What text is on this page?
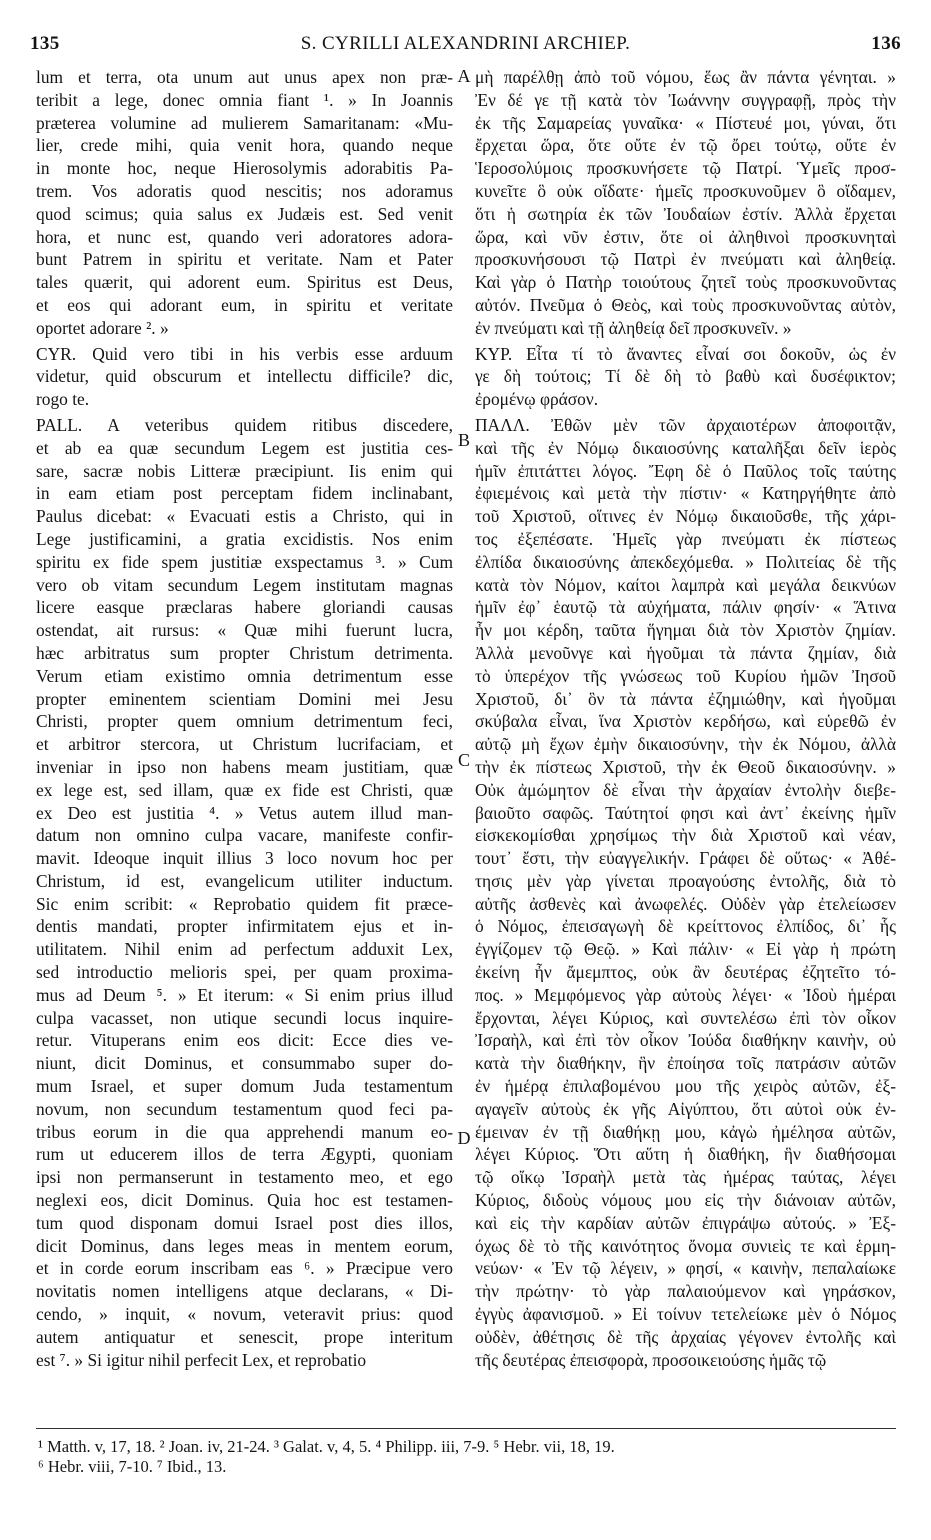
135	S. CYRILLI ALEXANDRINI ARCHIEP.	136
lum et terra, ota unum aut unus apex non præ-
teribit a lege, donec omnia fiant ¹. » In Joannis
præterea volumine ad mulierem Samaritanam: «Mu-
lier, crede mihi, quia venit hora, quando neque
in monte hoc, neque Hierosolymis adorabitis Pa-
trem. Vos adoratis quod nescitis; nos adoramus
quod scimus; quia salus ex Judæis est. Sed venit
hora, et nunc est, quando veri adoratores adora-
bunt Patrem in spiritu et veritate. Nam et Pater
tales quærit, qui adorent eum. Spiritus est Deus,
et eos qui adorant eum, in spiritu et veritate
oportet adorare ². »
CYR. Quid vero tibi in his verbis esse arduum
videtur, quid obscurum et intellectu difficile? dic,
rogo te.
PALL. A veteribus quidem ritibus discedere,
et ab ea quæ secundum Legem est justitia ces-
sare, sacræ nobis Litteræ præcipiunt. Iis enim qui
in eam etiam post perceptam fidem inclinabant,
Paulus dicebat: « Evacuati estis a Christo, qui in
Lege justificamini, a gratia excidistis. Nos enim
spiritu ex fide spem justitiæ exspectamus ³. » Cum
vero ob vitam secundum Legem institutam magnas
licere easque præclaras habere gloriandi causas
ostendat, ait rursus: « Quæ mihi fuerunt lucra,
hæc arbitratus sum propter Christum detrimenta.
Verum etiam existimo omnia detrimentum esse
propter eminentem scientiam Domini mei Jesu
Christi, propter quem omnium detrimentum feci,
et arbitror stercora, ut Christum lucrifaciam, et
inveniar in ipso non habens meam justitiam, quæ
ex lege est, sed illam, quæ ex fide est Christi, quæ
ex Deo est justitia ⁴. » Vetus autem illud man-
datum non omnino culpa vacare, manifeste confir-
mavit. Ideoque inquit illius 3 loco novum hoc per
Christum, id est, evangelicum utiliter inductum.
Sic enim scribit: « Reprobatio quidem fit præce-
dentis mandati, propter infirmitatem ejus et in-
utilitatem. Nihil enim ad perfectum adduxit Lex,
sed introductio melioris spei, per quam proxima-
mus ad Deum ⁵. » Et iterum: « Si enim prius illud
culpa vacasset, non utique secundi locus inquire-
retur. Vituperans enim eos dicit: Ecce dies ve-
niunt, dicit Dominus, et consummabo super do-
mum Israel, et super domum Juda testamentum
novum, non secundum testamentum quod feci pa-
tribus eorum in die qua apprehendi manum eo-
rum ut educerem illos de terra Ægypti, quoniam
ipsi non permanserunt in testamento meo, et ego
neglexi eos, dicit Dominus. Quia hoc est testamen-
tum quod disponam domui Israel post dies illos,
dicit Dominus, dans leges meas in mentem eorum,
et in corde eorum inscribam eas ⁶. » Præcipue vero
novitatis nomen intelligens atque declarans, « Di-
cendo, » inquit, « novum, veteravit prius: quod
autem antiquatur et senescit, prope interitum
est ⁷. » Si igitur nihil perfecit Lex, et reprobatio
μὴ παρέλθῃ ἀπὸ τοῦ νόμου, ἕως ἂν πάντα γένηται. »
Ἐν δέ γε τῇ κατὰ τὸν Ἰωάννην συγγραφῇ, πρὸς τὴν
ἐκ τῆς Σαμαρείας γυναῖκα· « Πίστευέ μοι, γύναι, ὅτι
ἔρχεται ὥρα, ὅτε οὔτε ἐν τῷ ὄρει τούτῳ, οὔτε ἐν
Ἱεροσολύμοις προσκυνήσετε τῷ Πατρί. Ὑμεῖς προσ-
κυνεῖτε ὃ οὐκ οἴδατε· ἡμεῖς προσκυνοῦμεν ὃ οἴδαμεν,
ὅτι ἡ σωτηρία ἐκ τῶν Ἰουδαίων ἐστίν. Ἀλλὰ ἔρχεται
ὥρα, καὶ νῦν ἐστιν, ὅτε οἱ ἀληθινοὶ προσκυνηταὶ
προσκυνήσουσι τῷ Πατρὶ ἐν πνεύματι καὶ ἀληθείᾳ.
Καὶ γὰρ ὁ Πατὴρ τοιούτους ζητεῖ τοὺς προσκυνοῦντας
αὐτόν. Πνεῦμα ὁ Θεὸς, καὶ τοὺς προσκυνοῦντας αὐτὸν,
ἐν πνεύματι καὶ τῇ ἀληθείᾳ δεῖ προσκυνεῖν. »
ΚΥΡ. Εἶτα τί τὸ ἄναντες εἶναί σοι δοκοῦν, ὡς ἐν
γε δὴ τούτοις; Τί δὲ δὴ τὸ βαθὺ καὶ δυσέφικτον;
ἐρομένῳ φράσον.
ΠΑΛΛ. Ἐθῶν μὲν τῶν ἀρχαιοτέρων ἀποφοιτᾷν,
καὶ τῆς ἐν Νόμῳ δικαιοσύνης καταλῆξαι δεῖν ἱερὸς
ἡμῖν ἐπιτάττει λόγος. Ἔφη δὲ ὁ Παῦλος τοῖς ταύτης
ἐφιεμένοις καὶ μετὰ τὴν πίστιν· « Κατηργήθητε ἀπὸ
τοῦ Χριστοῦ, οἵτινες ἐν Νόμῳ δικαιοῦσθε, τῆς χάρι-
τος ἐξεπέσατε. Ἡμεῖς γὰρ πνεύματι ἐκ πίστεως
ἐλπίδα δικαιοσύνης ἀπεκδεχόμεθα. » Πολιτείας δὲ τῆς
κατὰ τὸν Νόμον, καίτοι λαμπρὰ καὶ μεγάλα δεικνύων
ἡμῖν ἐφ᾽ ἑαυτῷ τὰ αὐχήματα, πάλιν φησίν· « Ἅτινα
ἦν μοι κέρδη, ταῦτα ἥγημαι διὰ τὸν Χριστὸν ζημίαν.
Ἀλλὰ μενοῦνγε καὶ ἡγοῦμαι τὰ πάντα ζημίαν, διὰ
τὸ ὑπερέχον τῆς γνώσεως τοῦ Κυρίου ἡμῶν Ἰησοῦ
Χριστοῦ, δι᾽ ὃν τὰ πάντα ἐζημιώθην, καὶ ἡγοῦμαι
σκύβαλα εἶναι, ἵνα Χριστὸν κερδήσω, καὶ εὑρεθῶ ἐν
αὐτῷ μὴ ἔχων ἐμὴν δικαιοσύνην, τὴν ἐκ Νόμου, ἀλλὰ
τὴν ἐκ πίστεως Χριστοῦ, τὴν ἐκ Θεοῦ δικαιοσύνην. »
Οὐκ ἀμώμητον δὲ εἶναι τὴν ἀρχαίαν ἐντολὴν διεβε-
βαιοῦτο σαφῶς. Ταύτητοί φησι καὶ ἀντ᾽ ἐκείνης ἡμῖν
εἰσκεκομίσθαι χρησίμως τὴν διὰ Χριστοῦ καὶ νέαν,
τουτ᾽ ἔστι, τὴν εὐαγγελικήν. Γράφει δὲ οὕτως· « Ἀθέ-
τησις μὲν γὰρ γίνεται προαγούσης ἐντολῆς, διὰ τὸ
αὐτῆς ἀσθενὲς καὶ ἀνωφελές. Οὐδὲν γὰρ ἐτελείωσεν
ὁ Νόμος, ἐπεισαγωγὴ δὲ κρείττονος ἐλπίδος, δι᾽ ἧς
ἐγγίζομεν τῷ Θεῷ. » Καὶ πάλιν· « Εἰ γὰρ ἡ πρώτη
ἐκείνη ἦν ἄμεμπτος, οὐκ ἂν δευτέρας ἐζητεῖτο τό-
πος. » Μεμφόμενος γὰρ αὐτοὺς λέγει· « Ἰδοὺ ἡμέραι
ἔρχονται, λέγει Κύριος, καὶ συντελέσω ἐπὶ τὸν οἶκον
Ἰσραὴλ, καὶ ἐπὶ τὸν οἶκον Ἰούδα διαθήκην καινὴν, οὐ
κατὰ τὴν διαθήκην, ἣν ἐποίησα τοῖς πατράσιν αὐτῶν
ἐν ἡμέρᾳ ἐπιλαβομένου μου τῆς χειρὸς αὐτῶν, ἐξ-
αγαγεῖν αὐτοὺς ἐκ γῆς Αἰγύπτου, ὅτι αὐτοὶ οὐκ ἐν-
έμειναν ἐν τῇ διαθήκῃ μου, κἀγὼ ἠμέλησα αὐτῶν,
λέγει Κύριος. Ὅτι αὕτη ἡ διαθήκη, ἣν διαθήσομαι
τῷ οἴκῳ Ἰσραὴλ μετὰ τὰς ἡμέρας ταύτας, λέγει
Κύριος, διδοὺς νόμους μου εἰς τὴν διάνοιαν αὐτῶν,
καὶ εἰς τὴν καρδίαν αὐτῶν ἐπιγράψω αὐτούς. » Ἐξ-
όχως δὲ τὸ τῆς καινότητος ὄνομα συνιεὶς τε καὶ ἑρμη-
νεύων· « Ἐν τῷ λέγειν, » φησί, « καινὴν, πεπαλαίωκε
τὴν πρώτην· τὸ γὰρ παλαιούμενον καὶ γηράσκον,
ἐγγὺς ἀφανισμοῦ. » Εἰ τοίνυν τετελείωκε μὲν ὁ Νόμος
οὐδὲν, ἀθέτησις δὲ τῆς ἀρχαίας γέγονεν ἐντολῆς καὶ
τῆς δευτέρας ἐπεισφορὰ, προσοικειούσης ἡμᾶς τῷ
A
B
C
D
¹ Matth. v, 17, 18. ² Joan. iv, 21-24. ³ Galat. v, 4, 5. ⁴ Philipp. iii, 7-9. ⁵ Hebr. vii, 18, 19.
⁶ Hebr. viii, 7-10. ⁷ Ibid., 13.
